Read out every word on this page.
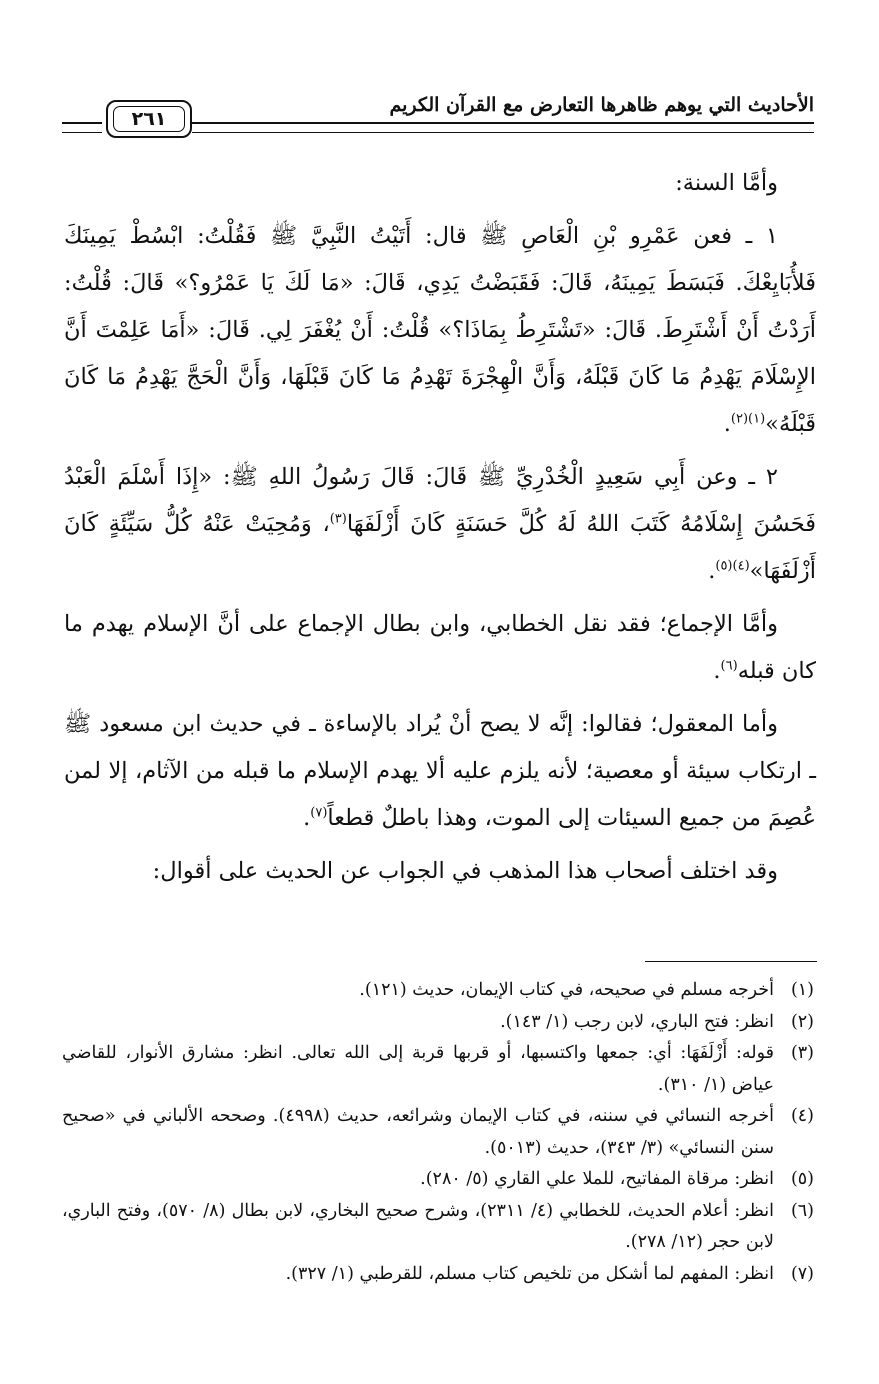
الأحاديث التي يوهم ظاهرها التعارض مع القرآن الكريم
٢٦١

وأمَّا السنة:

١ ـ فعن عَمْرِو بْنِ الْعَاصِ ﷺ قال: أَتَيْتُ النَّبِيَّ ﷺ فَقُلْتُ: ابْسُطْ يَمِينَكَ فَلأُبَايِعْكَ. فَبَسَطَ يَمِينَهُ، قَالَ: فَقَبَضْتُ يَدِي، قَالَ: «مَا لَكَ يَا عَمْرُو؟» قَالَ: قُلْتُ: أَرَدْتُ أَنْ أَشْتَرِطَ. قَالَ: «تَشْتَرِطُ بِمَاذَا؟» قُلْتُ: أَنْ يُغْفَرَ لِي. قَالَ: «أَمَا عَلِمْتَ أَنَّ الإِسْلَامَ يَهْدِمُ مَا كَانَ قَبْلَهُ، وَأَنَّ الْهِجْرَةَ تَهْدِمُ مَا كَانَ قَبْلَهَا، وَأَنَّ الْحَجَّ يَهْدِمُ مَا كَانَ قَبْلَهُ»$^{(١)(٢)}$.

٢ ـ وعن أَبِي سَعِيدٍ الْخُدْرِيِّ ﷺ قَالَ: قَالَ رَسُولُ اللهِ ﷺ: «إِذَا أَسْلَمَ الْعَبْدُ فَحَسُنَ إِسْلَامُهُ كَتَبَ اللهُ لَهُ كُلَّ حَسَنَةٍ كَانَ أَزْلَفَهَا$^{(٣)}$، وَمُحِيَتْ عَنْهُ كُلُّ سَيِّئَةٍ كَانَ أَزْلَفَهَا»$^{(٤)(٥)}$.

وأمَّا الإجماع؛ فقد نقل الخطابي، وابن بطال الإجماع على أنَّ الإسلام يهدم ما كان قبله$^{(٦)}$.

وأما المعقول؛ فقالوا: إنَّه لا يصح أنْ يُراد بالإساءة ـ في حديث ابن مسعود ﷺ ـ ارتكاب سيئة أو معصية؛ لأنه يلزم عليه ألا يهدم الإسلام ما قبله من الآثام، إلا لمن عُصِمَ من جميع السيئات إلى الموت، وهذا باطلٌ قطعاً$^{(٧)}$.

وقد اختلف أصحاب هذا المذهب في الجواب عن الحديث على أقوال:

(١)
أخرجه مسلم في صحيحه، في كتاب الإيمان، حديث (١٢١).
(٢)
انظر: فتح الباري، لابن رجب (١/ ١٤٣).
(٣)
قوله: أَزْلَفَهَا: أي: جمعها واكتسبها، أو قربها قربة إلى الله تعالى. انظر: مشارق الأنوار، للقاضي عياض (١/ ٣١٠).
(٤)
أخرجه النسائي في سننه، في كتاب الإيمان وشرائعه، حديث (٤٩٩٨). وصححه الألباني في «صحيح سنن النسائي» (٣/ ٣٤٣)، حديث (٥٠١٣).
(٥)
انظر: مرقاة المفاتيح، للملا علي القاري (٥/ ٢٨٠).
(٦)
انظر: أعلام الحديث، للخطابي (٤/ ٢٣١١)، وشرح صحيح البخاري، لابن بطال (٨/ ٥٧٠)، وفتح الباري، لابن حجر (١٢/ ٢٧٨).
(٧)
انظر: المفهم لما أشكل من تلخيص كتاب مسلم، للقرطبي (١/ ٣٢٧).
